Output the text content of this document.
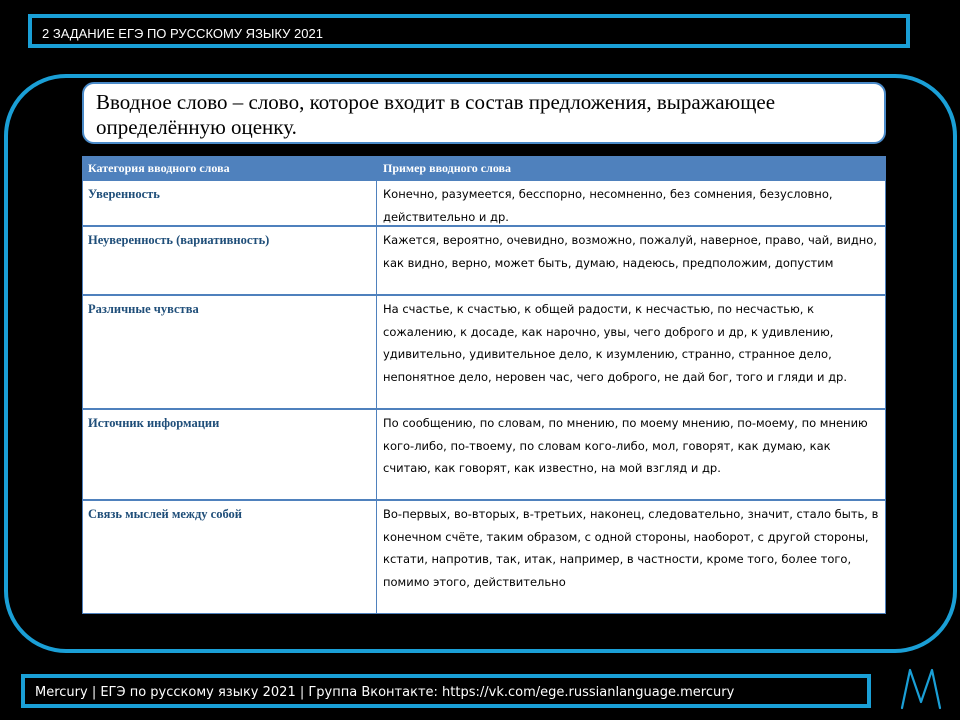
2 ЗАДАНИЕ ЕГЭ ПО РУССКОМУ ЯЗЫКУ 2021

Вводное слово – слово, которое входит в состав предложения, выражающее определённую оценку.

Категория вводного слова	Пример вводного слова
Уверенность	Конечно, разумеется, бесспорно, несомненно, без сомнения, безусловно, действительно и др.
Неуверенность (вариативность)	Кажется, вероятно, очевидно, возможно, пожалуй, наверное, право, чай, видно, как видно, верно, может быть, думаю, надеюсь, предположим, допустим
Различные чувства	На счастье, к счастью, к общей радости, к несчастью, по несчастью, к сожалению, к досаде, как нарочно, увы, чего доброго и др, к удивлению, удивительно, удивительное дело, к изумлению, странно, странное дело, непонятное дело, неровен час, чего доброго, не дай бог, того и гляди и др.
Источник информации	По сообщению, по словам, по мнению, по моему мнению, по-моему, по мнению кого-либо, по-твоему, по словам кого-либо, мол, говорят, как думаю, как считаю, как говорят, как известно, на мой взгляд и др.
Связь мыслей между собой	Во-первых, во-вторых, в-третьих, наконец, следовательно, значит, стало быть, в конечном счёте, таким образом, с одной стороны, наоборот, с другой стороны, кстати, напротив, так, итак, например, в частности, кроме того, более того, помимо этого, действительно
Mercury | ЕГЭ по русскому языку 2021 | Группа Вконтакте: https://vk.com/ege.russianlanguage.mercury
